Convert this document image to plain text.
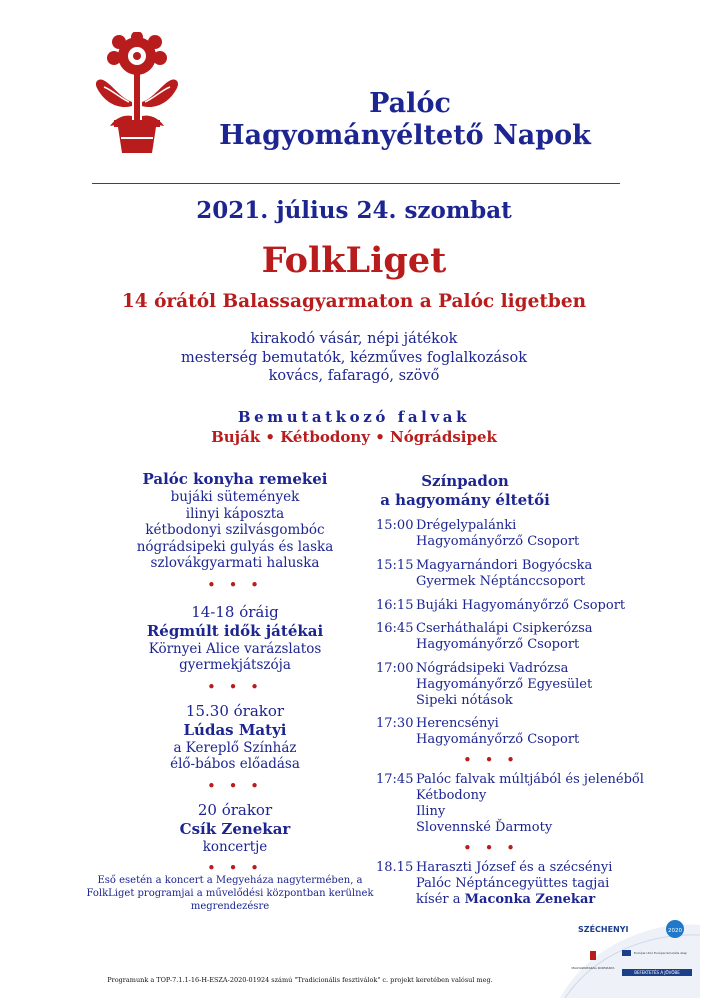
Palóc
Hagyományéltető Napok
2021. július 24. szombat
FolkLiget
14 órától Balassagyarmaton a Palóc ligetben
kirakodó vásár, népi játékok
mesterség bemutatók, kézműves foglalkozások
kovács, fafaragó, szövő
Bemutatkozó falvak
Buják • Kétbodony • Nógrádsipek
Palóc konyha remekei
bujáki sütemények
ilinyi káposzta
kétbodonyi szilvásgombóc
nógrádsipeki gulyás és laska
szlovákgyarmati haluska
• • •
14-18 óráig
Régmúlt idők játékai
Környei Alice varázslatos
gyermekjátszója
• • •
15.30 órakor
Lúdas Matyi
a Kereplő Színház
élő-bábos előadása
• • •
20 órakor
Csík Zenekar
koncertje
• • •
Eső esetén a koncert a Megyeháza nagytermében, a FolkLiget programjai a művelődési központban kerülnek megrendezésre
Színpadon
a hagyomány éltetői
15:00 Drégelypalánki
Hagyományőrző Csoport
15:15 Magyarnándori Bogyócska
Gyermek Néptánccsoport
16:15 Bujáki Hagyományőrző Csoport
16:45 Cserháthalápi Csipkerózsa
Hagyományőrző Csoport
17:00 Nógrádsipeki Vadrózsa
Hagyományőrző Egyesület
Sipeki nótások
17:30 Herencsényi
Hagyományőrző Csoport
• • •
17:45 Palóc falvak múltjából és jelenéből
Kétbodony
Iliny
Slovennské Ďarmoty
• • •
18.15 Haraszti József és a szécsényi
Palóc Néptáncegyüttes tagjai
kísér a Maconka Zenekar
2020
SZÉCHENYI
MAGYARORSZÁG KORMÁNYA
Európai Unió Európai Szociális Alap
BEFEKTETÉS A JÖVŐBE
Programunk a TOP-7.1.1-16-H-ESZA-2020-01924 számú "Tradicionális fesztiválok" c. projekt keretében valósul meg.
